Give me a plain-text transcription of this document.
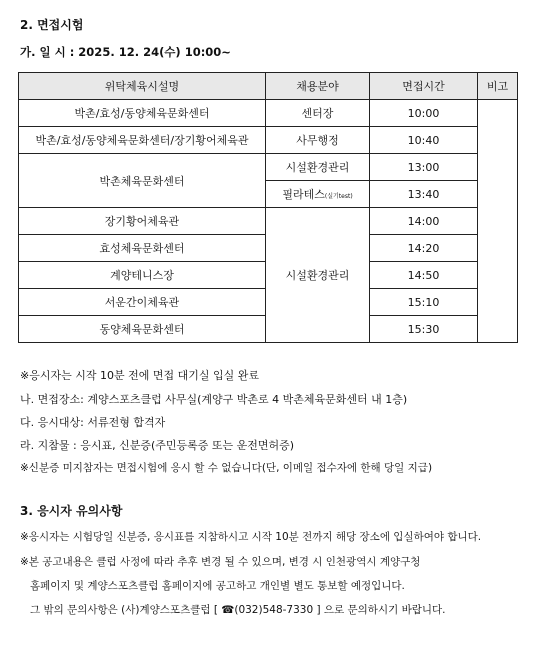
2. 면접시험
가. 일 시 : 2025. 12. 24(수) 10:00~
위탁체육시설명	채용분야	면접시간	비고
박촌/효성/동양체육문화센터	센터장	10:00	
박촌/효성/동양체육문화센터/장기황어체육관	사무행정	10:40	
박촌체육문화센터	시설환경관리	13:00	
	필라테스(실기test)	13:40	
장기황어체육관	시설환경관리	14:00	
효성체육문화센터		14:20	
계양테니스장		14:50	
서운간이체육관		15:10	
동양체육문화센터		15:30	
※응시자는 시작 10분 전에 면접 대기실 입실 완료
나. 면접장소: 계양스포츠클럽 사무실(계양구 박촌로 4 박촌체육문화센터 내 1층)
다. 응시대상: 서류전형 합격자
라. 지참물 : 응시표, 신분증(주민등록증 또는 운전면허증)
※신분증 미지참자는 면접시험에 응시 할 수 없습니다(단, 이메일 접수자에 한해 당일 지급)
3. 응시자 유의사항
※응시자는 시험당일 신분증, 응시표를 지참하시고 시작 10분 전까지 해당 장소에 입실하여야 합니다.
※본 공고내용은 클럽 사정에 따라 추후 변경 될 수 있으며, 변경 시 인천광역시 계양구청
홈페이지 및 계양스포츠클럽 홈페이지에 공고하고 개인별 별도 통보할 예정입니다.
그 밖의 문의사항은 (사)계양스포츠클럽 [ ☎(032)548-7330 ] 으로 문의하시기 바랍니다.
